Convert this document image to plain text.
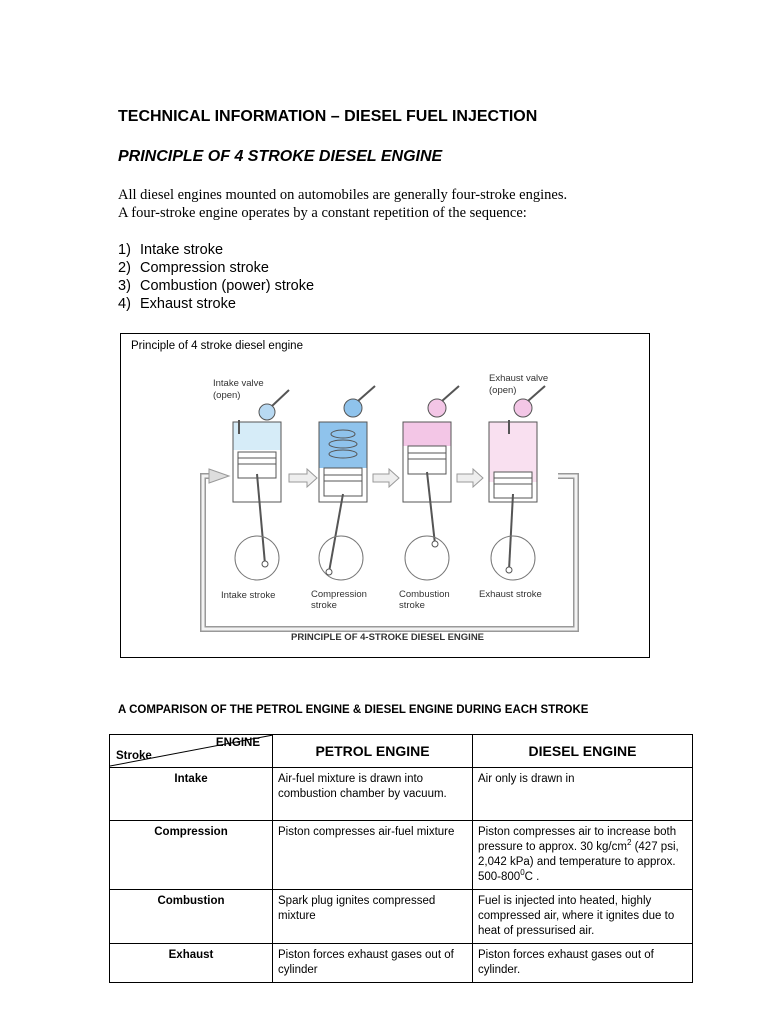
TECHNICAL INFORMATION – DIESEL FUEL INJECTION
PRINCIPLE OF 4 STROKE DIESEL ENGINE

All diesel engines mounted on automobiles are generally four-stroke engines.

A four-stroke engine operates by a constant repetition of the sequence:

1) Intake stroke
2) Compression stroke
3) Combustion (power) stroke
4) Exhaust stroke
Intake valve
(open)
Exhaust valve
(open)
Intake stroke	Compression
stroke
Combustion
stroke
Exhaust stroke
PRINCIPLE OF 4-STROKE DIESEL ENGINE
Principle of 4 stroke diesel engine
A COMPARISON OF THE PETROL ENGINE & DIESEL ENGINE DURING EACH STROKE
ENGINE
Stroke	PETROL ENGINE	DIESEL ENGINE
Intake	Air-fuel mixture is drawn into combustion chamber by vacuum.	Air only is drawn in
Compression	Piston compresses air-fuel mixture	Piston compresses air to increase both pressure to approx. 30 $kg/cm^2$ (427 psi, 2,042 kPa) and temperature to approx. $500-800^0C$ .
Combustion	Spark plug ignites compressed mixture	Fuel is injected into heated, highly compressed air, where it ignites due to heat of pressurised air.
Exhaust	Piston forces exhaust gases out of cylinder	Piston forces exhaust gases out of cylinder.
